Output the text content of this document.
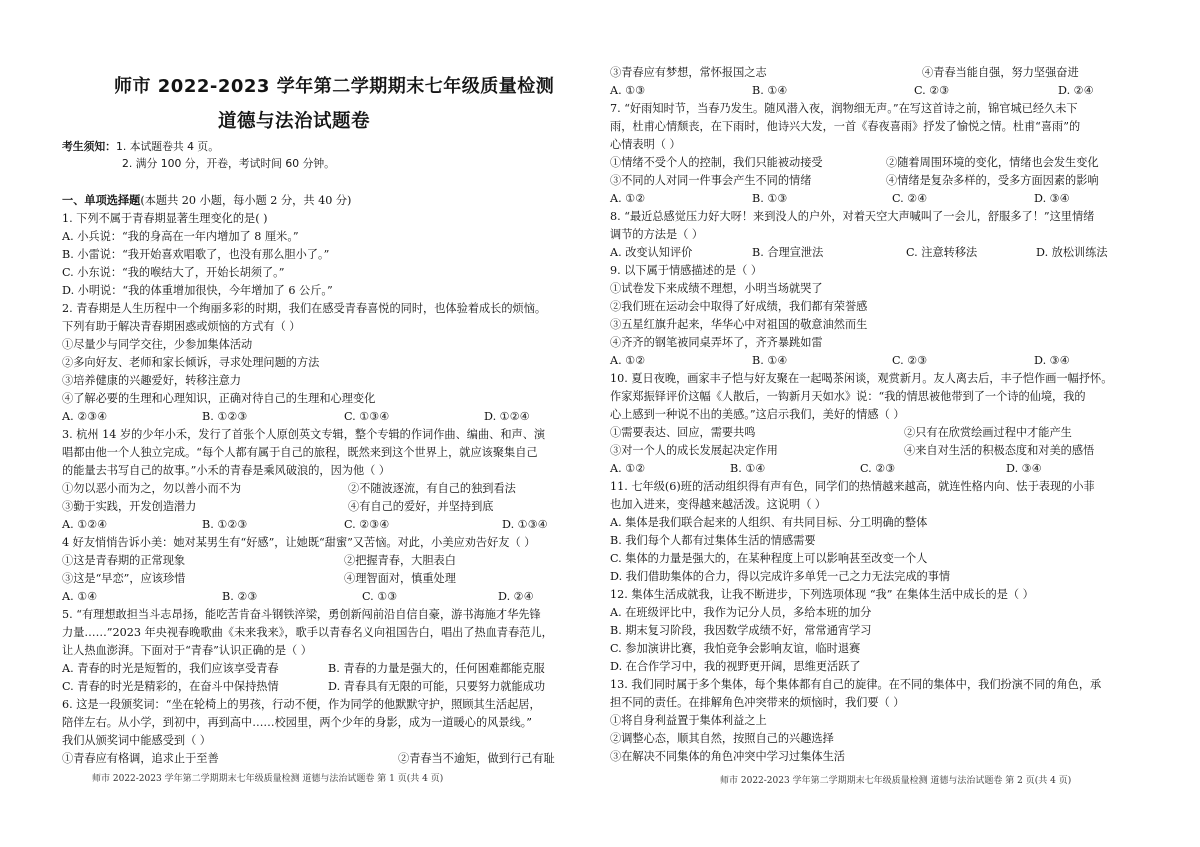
师市 2022-2023 学年第二学期期末七年级质量检测
道德与法治试题卷
考生须知：1. 本试题卷共 4 页。
2. 满分 100 分，开卷，考试时间 60 分钟。
一、单项选择题(本题共 20 小题，每小题 2 分，共 40 分)
1. 下列不属于青春期显著生理变化的是( )
A. 小兵说：“我的身高在一年内增加了 8 厘米。”
B. 小雷说：“我开始喜欢唱歌了，也没有那么胆小了。”
C. 小东说：“我的喉结大了，开始长胡须了。”
D. 小明说：“我的体重增加很快，今年增加了 6 公斤。”
2. 青春期是人生历程中一个绚丽多彩的时期，我们在感受青春喜悦的同时，也体验着成长的烦恼。
下列有助于解决青春期困惑或烦恼的方式有（ ）
①尽量少与同学交往，少参加集体活动
②多向好友、老师和家长倾诉，寻求处理问题的方法
③培养健康的兴趣爱好，转移注意力
④了解必要的生理和心理知识，正确对待自己的生理和心理变化
A. ②③④	B. ①②③	C. ①③④	D. ①②④
3. 杭州 14 岁的少年小禾，发行了首张个人原创英文专辑，整个专辑的作词作曲、编曲、和声、演
唱都由他一个人独立完成。“每个人都有属于自己的旅程，既然来到这个世界上，就应该聚集自己
的能量去书写自己的故事。”小禾的青春是乘风破浪的，因为他（ ）
①勿以恶小而为之，勿以善小而不为	②不随波逐流，有自己的独到看法
③勤于实践，开发创造潜力	④有自己的爱好，并坚持到底
A. ①②④	B. ①②③	C. ②③④	D. ①③④
4 好友悄悄告诉小美：她对某男生有“好感”，让她既“甜蜜”又苦恼。对此，小美应劝告好友（ ）
①这是青春期的正常现象	②把握青春，大胆表白
③这是“早恋”，应该珍惜	④理智面对，慎重处理
A. ①④	B. ②③	C. ①③	D. ②④
5. “有理想敢担当斗志昂扬，能吃苦肯奋斗钢铁淬梁，勇创新闯前沿自信自豪，游书海施才华先锋
力量……”2023 年央视春晚歌曲《未来我来》，歌手以青春名义向祖国告白，唱出了热血青春范儿，
让人热血澎湃。下面对于“青春”认识正确的是（ ）
A. 青春的时光是短暂的，我们应该享受青春	B. 青春的力量是强大的，任何困难都能克服
C. 青春的时光是精彩的，在奋斗中保持热情	D. 青春具有无限的可能，只要努力就能成功
6. 这是一段颁奖词：“坐在轮椅上的男孩，行动不便，作为同学的他默默守护，照顾其生活起居，
陪伴左右。从小学，到初中，再到高中……校园里，两个少年的身影，成为一道暖心的风景线。”
我们从颁奖词中能感受到（ ）
①青春应有格调，追求止于至善	②青春当不逾矩，做到行己有耻
师市 2022-2023 学年第二学期期末七年级质量检测 道德与法治试题卷 第 1 页(共 4 页)
③青春应有梦想，常怀报国之志	④青春当能自强，努力坚强奋进
A. ①③	B. ①④	C. ②③	D. ②④
7. “好雨知时节，当春乃发生。随风潜入夜，润物细无声。”在写这首诗之前，锦官城已经久未下
雨，杜甫心情颓丧，在下雨时，他诗兴大发，一首《春夜喜雨》抒发了愉悦之情。杜甫“喜雨”的
心情表明（ ）
①情绪不受个人的控制，我们只能被动接受	②随着周围环境的变化，情绪也会发生变化
③不同的人对同一件事会产生不同的情绪	④情绪是复杂多样的，受多方面因素的影响
A. ①②	B. ①③	C. ②④	D. ③④
8. “最近总感觉压力好大呀！来到没人的户外，对着天空大声喊叫了一会儿，舒服多了！”这里情绪
调节的方法是（ ）
A. 改变认知评价	B. 合理宣泄法	C. 注意转移法	D. 放松训练法
9. 以下属于情感描述的是（ ）
①试卷发下来成绩不理想，小明当场就哭了
②我们班在运动会中取得了好成绩，我们都有荣誉感
③五星红旗升起来，华华心中对祖国的敬意油然而生
④齐齐的钢笔被同桌弄坏了，齐齐暴跳如雷
A. ①②	B. ①④	C. ②③	D. ③④
10. 夏日夜晚，画家丰子恺与好友聚在一起喝茶闲谈，观赏新月。友人离去后，丰子恺作画一幅抒怀。
作家郑振铎评价这幅《人散后，一钩新月天如水》说：“我的情思被他带到了一个诗的仙境，我的
心上感到一种说不出的美感。”这启示我们，美好的情感（ ）
①需要表达、回应，需要共鸣	②只有在欣赏绘画过程中才能产生
③对一个人的成长发展起决定作用	④来自对生活的积极态度和对美的感悟
A. ①②	B. ①④	C. ②③	D. ③④
11. 七年级(6)班的活动组织得有声有色，同学们的热情越来越高，就连性格内向、怯于表现的小菲
也加入进来，变得越来越活泼。这说明（ ）
A. 集体是我们联合起来的人组织、有共同目标、分工明确的整体
B. 我们每个人都有过集体生活的情感需要
C. 集体的力量是强大的，在某种程度上可以影响甚至改变一个人
D. 我们借助集体的合力，得以完成许多单凭一己之力无法完成的事情
12. 集体生活成就我，让我不断进步，下列选项体现 “我” 在集体生活中成长的是（ ）
A. 在班级评比中，我作为记分人员，多给本班的加分
B. 期末复习阶段，我因数学成绩不好，常常通宵学习
C. 参加演讲比赛，我怕竞争会影响友谊，临时退赛
D. 在合作学习中，我的视野更开阔，思维更活跃了
13. 我们同时属于多个集体，每个集体都有自己的旋律。在不同的集体中，我们扮演不同的角色，承
担不同的责任。在排解角色冲突带来的烦恼时，我们要（ ）
①将自身利益置于集体利益之上
②调整心态，顺其自然，按照自己的兴趣选择
③在解决不同集体的角色冲突中学习过集体生活
师市 2022-2023 学年第二学期期末七年级质量检测 道德与法治试题卷 第 2 页(共 4 页)
